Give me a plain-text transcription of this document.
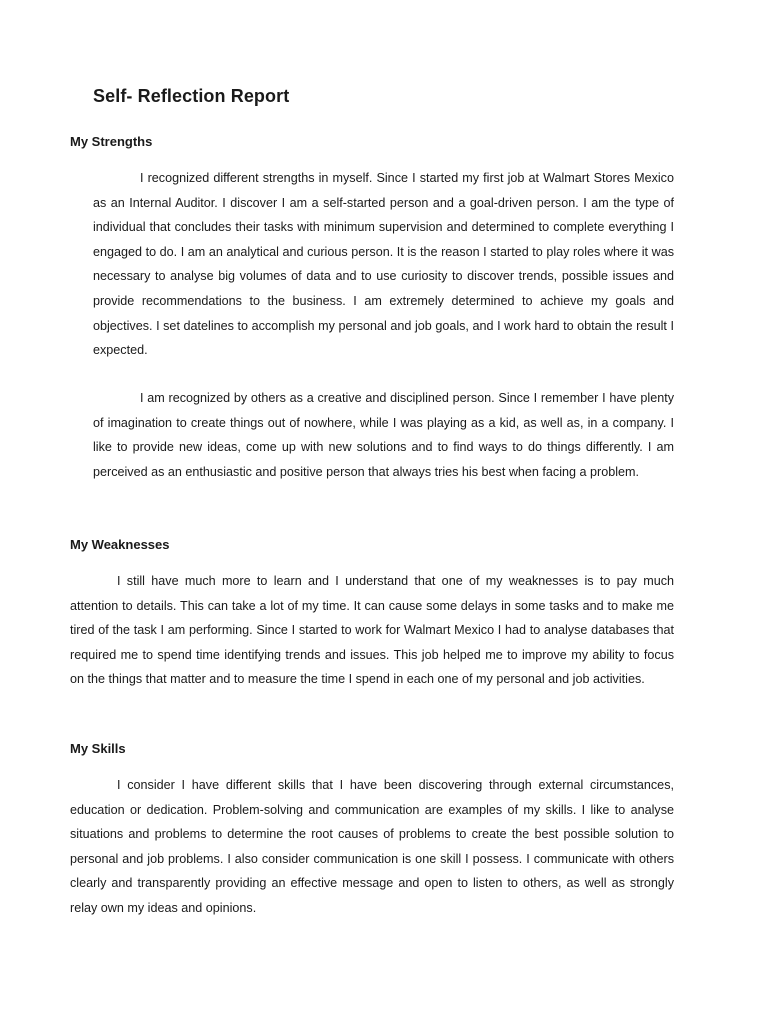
Self- Reflection Report
My Strengths

I recognized different strengths in myself. Since I started my first job at Walmart Stores Mexico as an Internal Auditor. I discover I am a self-started person and a goal-driven person. I am the type of individual that concludes their tasks with minimum supervision and determined to complete everything I engaged to do. I am an analytical and curious person. It is the reason I started to play roles where it was necessary to analyse big volumes of data and to use curiosity to discover trends, possible issues and provide recommendations to the business. I am extremely determined to achieve my goals and objectives. I set datelines to accomplish my personal and job goals, and I work hard to obtain the result I expected.

I am recognized by others as a creative and disciplined person. Since I remember I have plenty of imagination to create things out of nowhere, while I was playing as a kid, as well as, in a company. I like to provide new ideas, come up with new solutions and to find ways to do things differently. I am perceived as an enthusiastic and positive person that always tries his best when facing a problem.

My Weaknesses

I still have much more to learn and I understand that one of my weaknesses is to pay much attention to details. This can take a lot of my time. It can cause some delays in some tasks and to make me tired of the task I am performing. Since I started to work for Walmart Mexico I had to analyse databases that required me to spend time identifying trends and issues. This job helped me to improve my ability to focus on the things that matter and to measure the time I spend in each one of my personal and job activities.

My Skills

I consider I have different skills that I have been discovering through external circumstances, education or dedication. Problem-solving and communication are examples of my skills. I like to analyse situations and problems to determine the root causes of problems to create the best possible solution to personal and job problems. I also consider communication is one skill I possess. I communicate with others clearly and transparently providing an effective message and open to listen to others, as well as strongly relay own my ideas and opinions.
